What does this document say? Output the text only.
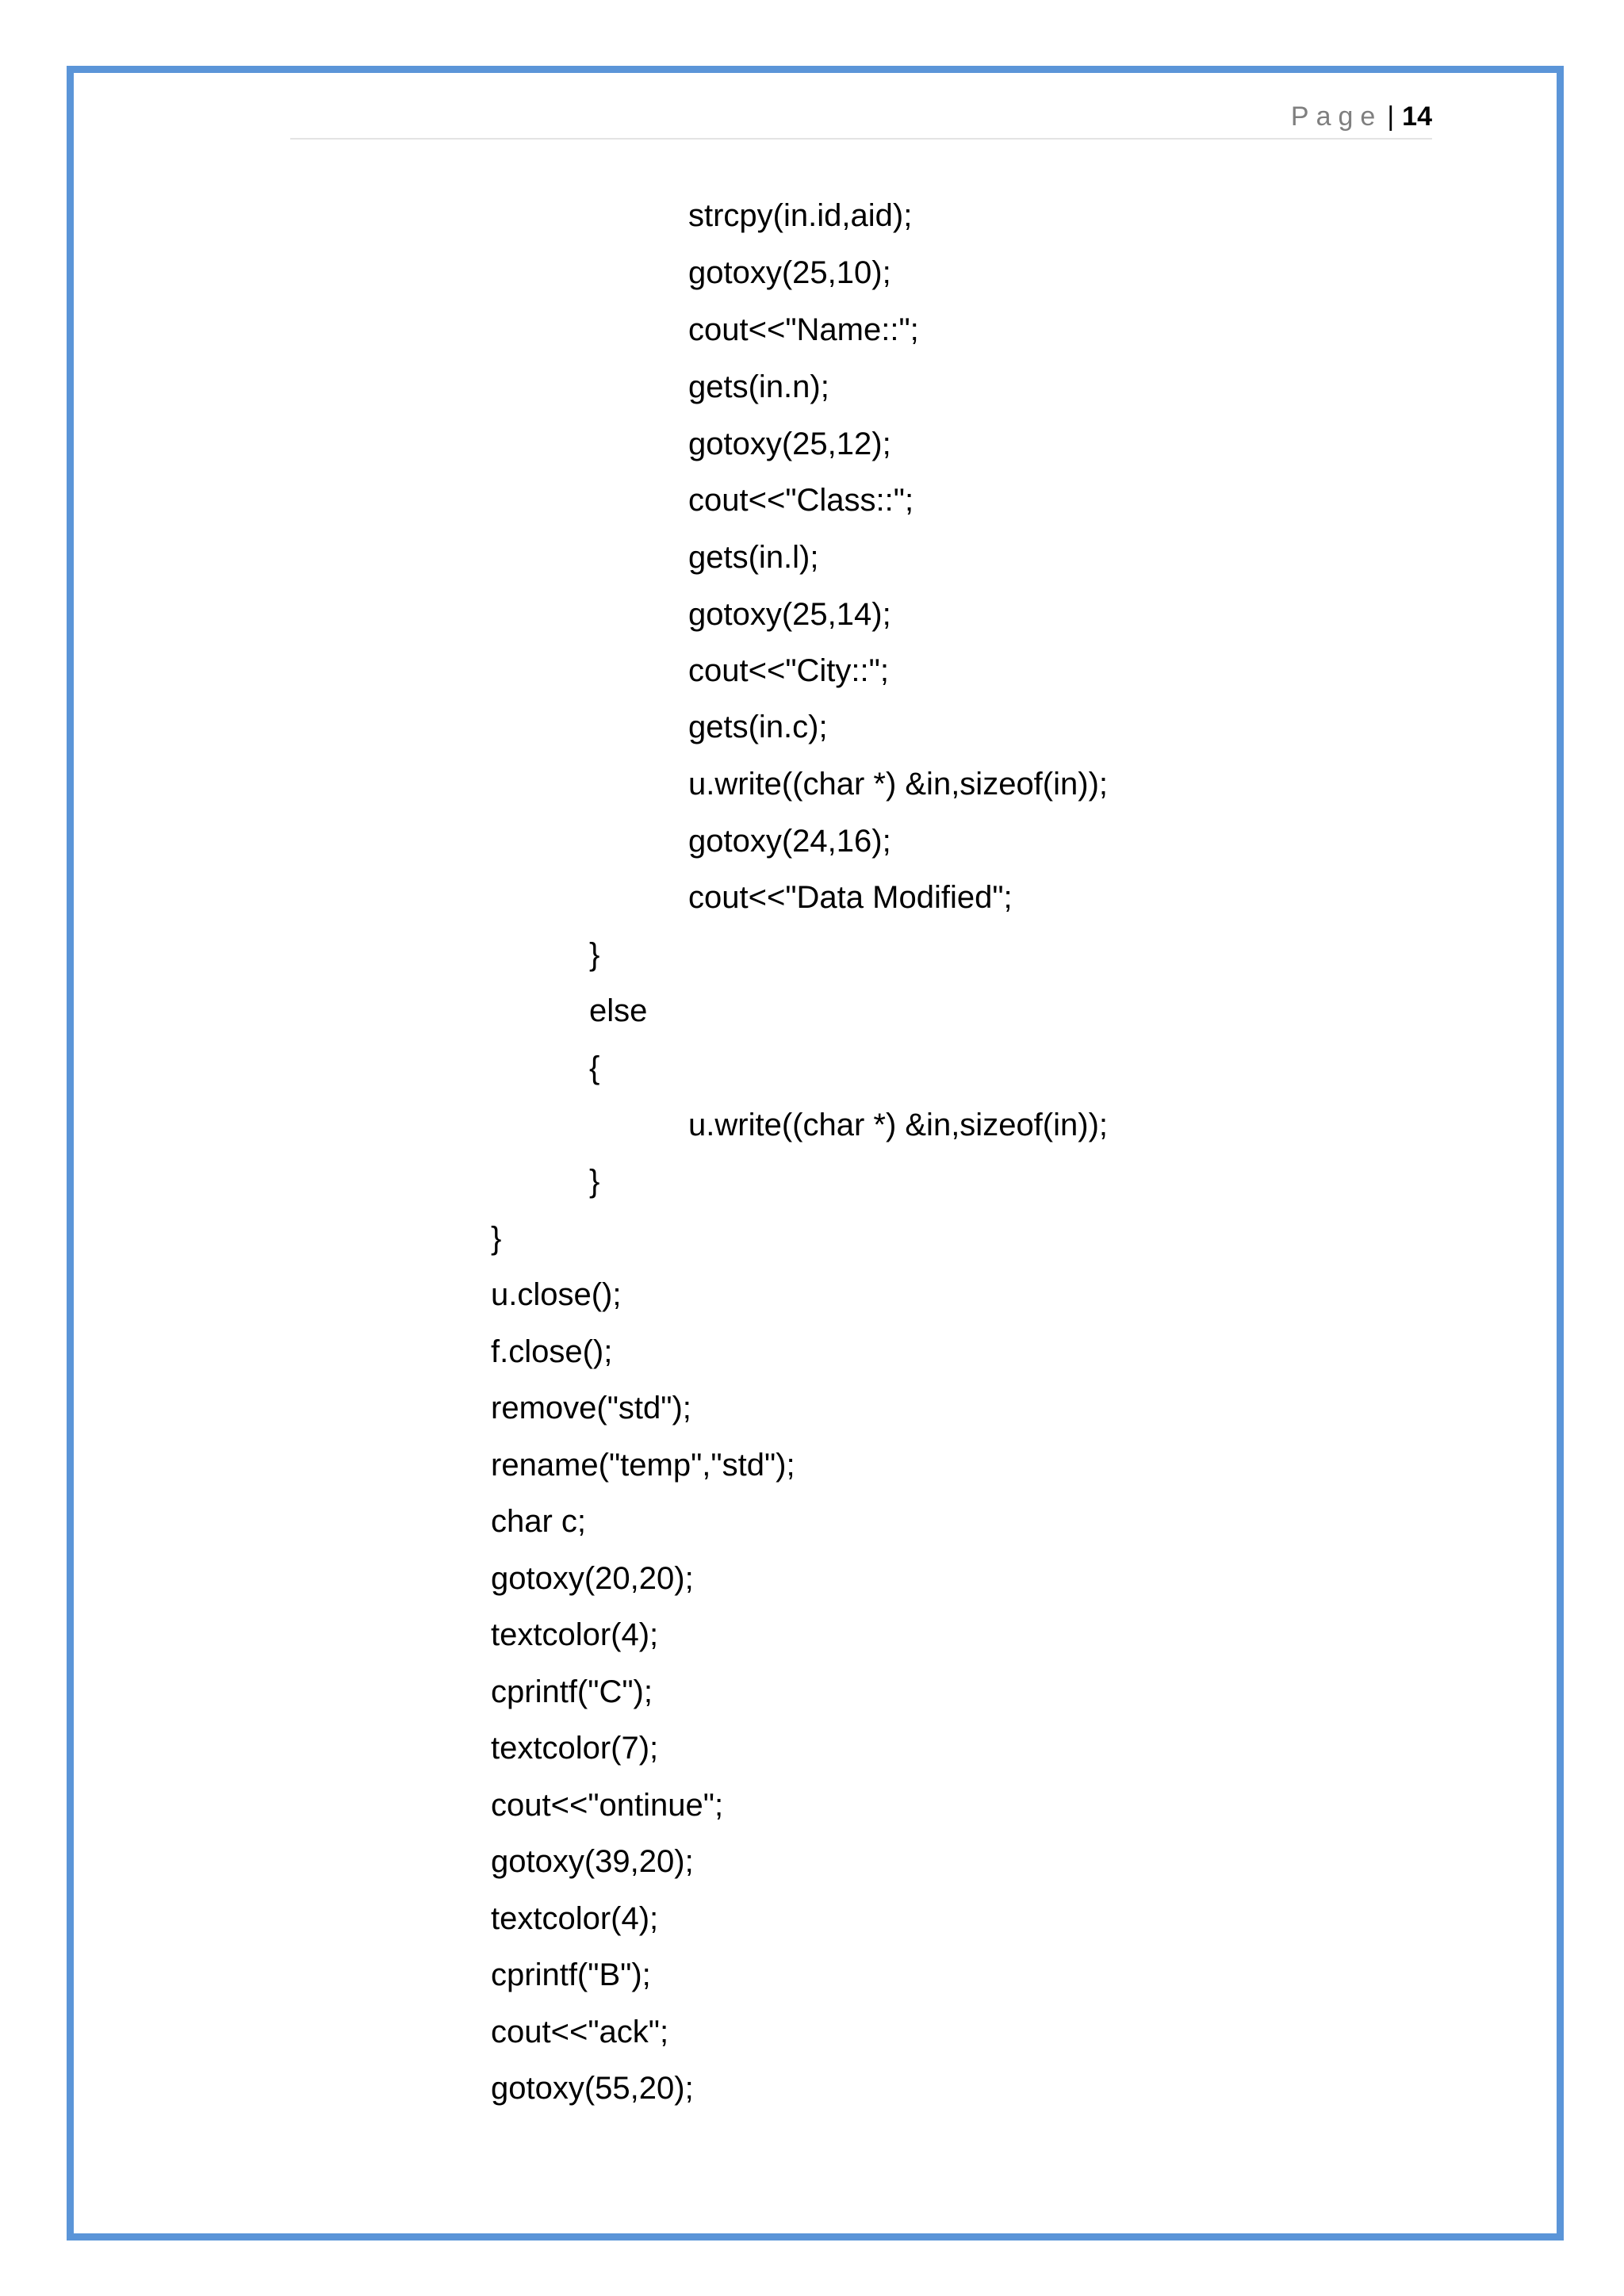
Page | 14
strcpy(in.id,aid);
gotoxy(25,10);
cout<<"Name::";
gets(in.n);
gotoxy(25,12);
cout<<"Class::";
gets(in.l);
gotoxy(25,14);
cout<<"City::";
gets(in.c);
u.write((char *) &in,sizeof(in));
gotoxy(24,16);
cout<<"Data Modified";
}
else
{
u.write((char *) &in,sizeof(in));
}
}
u.close();
f.close();
remove("std");
rename("temp","std");
char c;
gotoxy(20,20);
textcolor(4);
cprintf("C");
textcolor(7);
cout<<"ontinue";
gotoxy(39,20);
textcolor(4);
cprintf("B");
cout<<"ack";
gotoxy(55,20);
